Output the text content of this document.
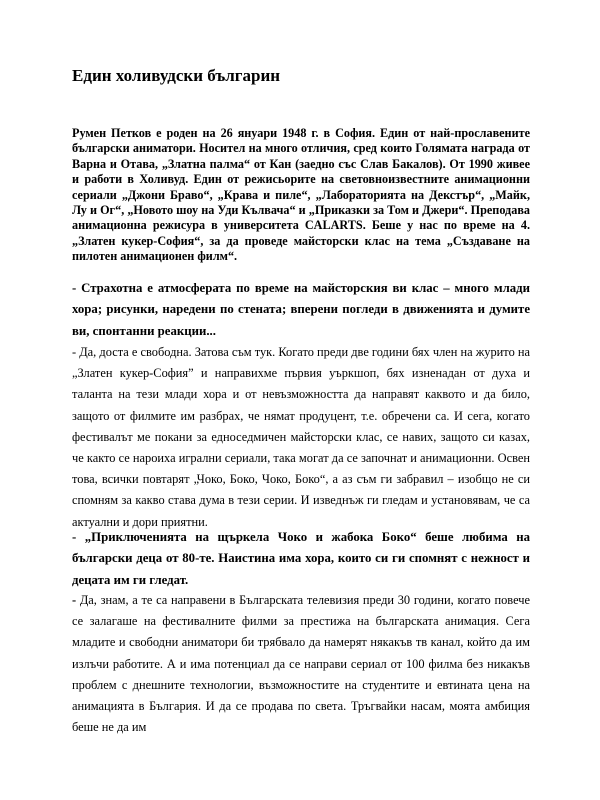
Един холивудски българин

Румен Петков е роден на 26 януари 1948 г. в София. Един от най-прославените български аниматори. Носител на много отличия, сред които Голямата награда от Варна и Отава, „Златна палма“ от Кан (заедно със Слав Бакалов). От 1990 живее и работи в Холивуд. Един от режисьорите на световноизвестните анимационни сериали „Джони Браво“, „Крава и пиле“, „Лабораторията на Декстър“, „Майк, Лу и Ог“, „Новото шоу на Уди Кълвача“ и „Приказки за Том и Джери“. Преподава анимационна режисура в университета CALARTS. Беше у нас по време на 4. „Златен кукер-София“, за да проведе майсторски клас на тема „Създаване на пилотен анимационен филм“.

- Страхотна е атмосферата по време на майсторския ви клас – много млади хора; рисунки, наредени по стената; вперени погледи в движенията и думите ви, спонтанни реакции...

- Да, доста е свободна. Затова съм тук. Когато преди две години бях член на журито на „Златен кукер-София” и направихме първия уъркшоп, бях изненадан от духа и таланта на тези млади хора и от невъзможността да направят каквото и да било, защото от филмите им разбрах, че нямат продуцент, т.е. обречени са. И сега, когато фестивалът ме покани за едноседмичен майсторски клас, се навих, защото си казах, че както се нароиха игрални сериали, така могат да се започнат и анимационни. Освен това, всички повтарят „Чоко, Боко, Чоко, Боко“, а аз съм ги забравил – изобщо не си спомням за какво става дума в тези серии. И изведнъж ги гледам и установявам, че са актуални и дори приятни.

- „Приключенията на щъркела Чоко и жабока Боко“ беше любима на български деца от 80-те. Наистина има хора, които си ги спомнят с нежност и децата им ги гледат.

- Да, знам, а те са направени в Българската телевизия преди 30 години, когато повече се залагаше на фестивалните филми за престижа на българската анимация. Сега младите и свободни аниматори би трябвало да намерят някакъв тв канал, който да им излъчи работите. А и има потенциал да се направи сериал от 100 филма без никакъв проблем с днешните технологии, възможностите на студентите и евтината цена на анимацията в България. И да се продава по света. Тръгвайки насам, моята амбиция беше не да им
